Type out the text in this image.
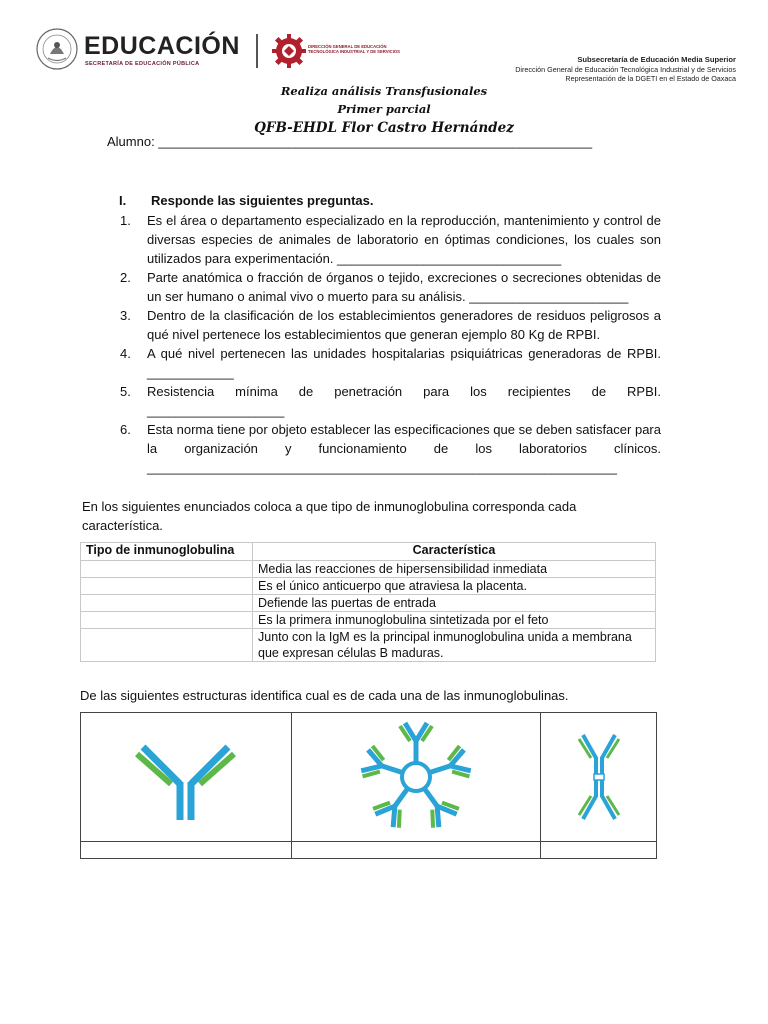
EDUCACIÓN
SECRETARÍA DE EDUCACIÓN PÚBLICA
DIRECCIÓN GENERAL DE EDUCACIÓN
TECNOLÓGICA INDUSTRIAL Y DE SERVICIOS
Subsecretaría de Educación Media Superior
Dirección General de Educación Tecnológica Industrial y de Servicios
Representación de la DGETI en el Estado de Oaxaca
Realiza análisis Transfusionales
Primer parcial
QFB-EHDL Flor Castro Hernández
Alumno: ____________________________________________________________
I. Responde las siguientes preguntas.
1.	Es el área o departamento especializado en la reproducción, mantenimiento y control de diversas especies de animales de laboratorio en óptimas condiciones, los cuales son utilizados para experimentación. _______________________________
2.	Parte anatómica o fracción de órganos o tejido, excreciones o secreciones obtenidas de un ser humano o animal vivo o muerto para su análisis. ______________________
3.	Dentro de la clasificación de los establecimientos generadores de residuos peligrosos a qué nivel pertenece los establecimientos que generan ejemplo 80 Kg de RPBI.
4.	A qué nivel pertenecen las unidades hospitalarias psiquiátricas generadoras de RPBI. ____________
5.	Resistencia mínima de penetración para los recipientes de RPBI. ___________________
6.	Esta norma tiene por objeto establecer las especificaciones que se deben satisfacer para la organización y funcionamiento de los laboratorios clínicos. _________________________________________________________________
En los siguientes enunciados coloca a que tipo de inmunoglobulina corresponda cada característica.
Tipo de inmunoglobulina	Característica
	Media las reacciones de hipersensibilidad inmediata
	Es el único anticuerpo que atraviesa la placenta.
	Defiende las puertas de entrada
	Es la primera inmunoglobulina sintetizada por el feto
	Junto con la IgM es la principal inmunoglobulina unida a membrana que expresan células B maduras.
De las siguientes estructuras identifica cual es de cada una de las inmunoglobulinas.
